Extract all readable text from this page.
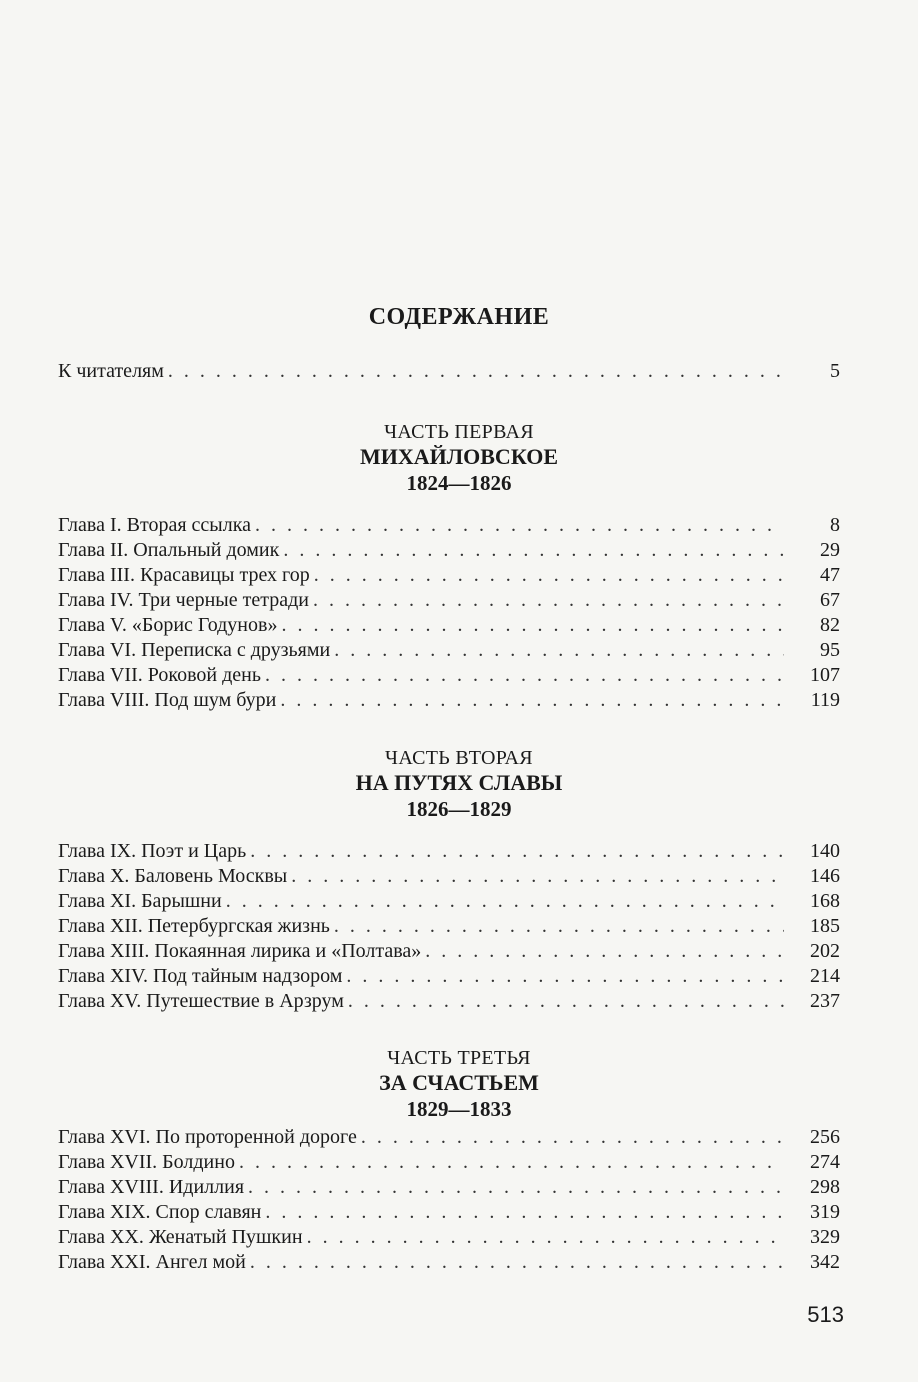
СОДЕРЖАНИЕ
К читателям . . .	5
ЧАСТЬ ПЕРВАЯ
МИХАЙЛОВСКОЕ
1824—1826
Глава I. Вторая ссылка . . .	8
Глава II. Опальный домик . . .	29
Глава III. Красавицы трех гор . . .	47
Глава IV. Три черные тетради . . .	67
Глава V. «Борис Годунов» . . .	82
Глава VI. Переписка с друзьями . . .	95
Глава VII. Роковой день . . .	107
Глава VIII. Под шум бури . . .	119
ЧАСТЬ ВТОРАЯ
НА ПУТЯХ СЛАВЫ
1826—1829
Глава IX. Поэт и Царь . . .	140
Глава X. Баловень Москвы . . .	146
Глава XI. Барышни . . .	168
Глава XII. Петербургская жизнь . . .	185
Глава XIII. Покаянная лирика и «Полтава» . . .	202
Глава XIV. Под тайным надзором . . .	214
Глава XV. Путешествие в Арзрум . . .	237
ЧАСТЬ ТРЕТЬЯ
ЗА СЧАСТЬЕМ
1829—1833
Глава XVI. По проторенной дороге . . .	256
Глава XVII. Болдино . . .	274
Глава XVIII. Идиллия . . .	298
Глава XIX. Спор славян . . .	319
Глава XX. Женатый Пушкин . . .	329
Глава XXI. Ангел мой . . .	342
513
